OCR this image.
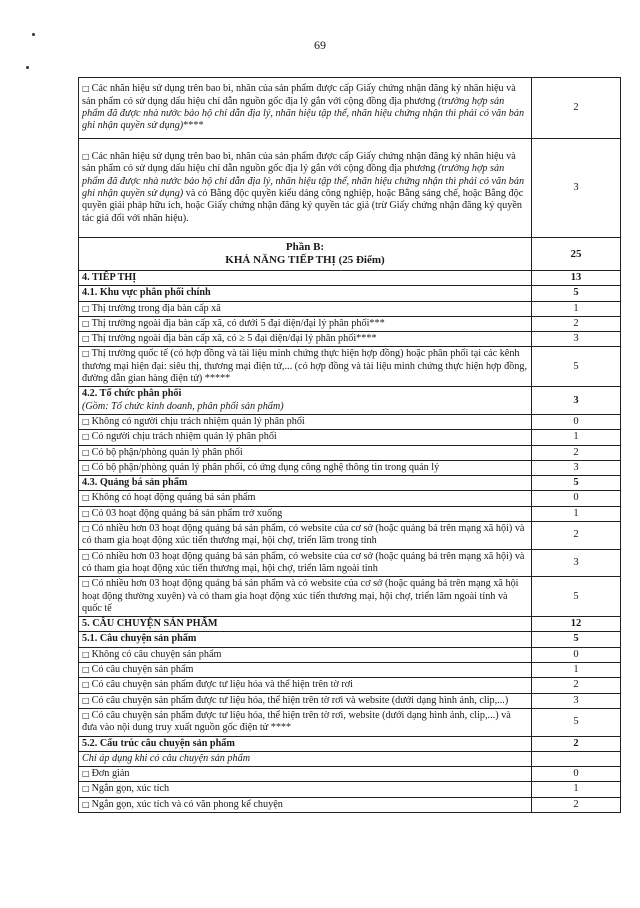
69
□ Các nhãn hiệu sử dụng trên bao bì, nhãn của sản phẩm được cấp Giấy chứng nhận đăng ký nhãn hiệu và sản phẩm có sử dụng dấu hiệu chỉ dẫn nguồn gốc địa lý gắn với cộng đồng địa phương (trường hợp sản phẩm đã được nhà nước bảo hộ chỉ dẫn địa lý, nhãn hiệu tập thể, nhãn hiệu chứng nhận thì phải có văn bản ghi nhận quyền sử dụng)****	2
□ Các nhãn hiệu sử dụng trên bao bì, nhãn của sản phẩm được cấp Giấy chứng nhận đăng ký nhãn hiệu và sản phẩm có sử dụng dấu hiệu chỉ dẫn nguồn gốc địa lý gắn với cộng đồng địa phương (trường hợp sản phẩm đã được nhà nước bảo hộ chỉ dẫn địa lý, nhãn hiệu tập thể, nhãn hiệu chứng nhận thì phải có văn bản ghi nhận quyền sử dụng) và có Bằng độc quyền kiểu dáng công nghiệp, hoặc Bằng sáng chế, hoặc Bằng độc quyền giải pháp hữu ích, hoặc Giấy chứng nhận đăng ký quyền tác giả (trừ Giấy chứng nhận đăng ký quyền tác giả đối với nhãn hiệu).	3

Phần B:
KHẢ NĂNG TIẾP THỊ (25 Điểm)	25
4. TIẾP THỊ	13
4.1. Khu vực phân phối chính	5
□ Thị trường trong địa bàn cấp xã	1
□ Thị trường ngoài địa bàn cấp xã, có dưới 5 đại diện/đại lý phân phối***	2
□ Thị trường ngoài địa bàn cấp xã, có ≥ 5 đại diện/đại lý phân phối****	3
□ Thị trường quốc tế (có hợp đồng và tài liệu minh chứng thực hiện hợp đồng) hoặc phân phối tại các kênh thương mại hiện đại: siêu thị, thương mại điện tử,... (có hợp đồng và tài liệu minh chứng thực hiện hợp đồng, đường dẫn gian hàng điện tử) *****	5

4.2. Tổ chức phân phối
(Gồm: Tổ chức kinh doanh, phân phối sản phẩm)	3
□ Không có người chịu trách nhiệm quản lý phân phối	0
□ Có người chịu trách nhiệm quản lý phân phối	1
□ Có bộ phận/phòng quản lý phân phối	2
□ Có bộ phận/phòng quản lý phân phối, có ứng dụng công nghệ thông tin trong quản lý	3
4.3. Quảng bá sản phẩm	5
□ Không có hoạt động quảng bá sản phẩm	0
□ Có 03 hoạt động quảng bá sản phẩm trở xuống	1
□ Có nhiều hơn 03 hoạt động quảng bá sản phẩm, có website của cơ sở (hoặc quảng bá trên mạng xã hội) và có tham gia hoạt động xúc tiến thương mại, hội chợ, triển lãm trong tỉnh	2
□ Có nhiều hơn 03 hoạt động quảng bá sản phẩm, có website của cơ sở (hoặc quảng bá trên mạng xã hội) và có tham gia hoạt động xúc tiến thương mại, hội chợ, triển lãm ngoài tỉnh	3
□ Có nhiều hơn 03 hoạt động quảng bá sản phẩm và có website của cơ sở (hoặc quảng bá trên mạng xã hội hoạt động thường xuyên) và có tham gia hoạt động xúc tiến thương mại, hội chợ, triển lãm ngoài tỉnh và quốc tế	5
5. CÂU CHUYỆN SẢN PHẨM	12
5.1. Câu chuyện sản phẩm	5
□ Không có câu chuyện sản phẩm	0
□ Có câu chuyện sản phẩm	1
□ Có câu chuyện sản phẩm được tư liệu hóa và thể hiện trên tờ rơi	2
□ Có câu chuyện sản phẩm được tư liệu hóa, thể hiện trên tờ rơi và website (dưới dạng hình ảnh, clip,...)	3
□ Có câu chuyện sản phẩm được tư liệu hóa, thể hiện trên tờ rơi, website (dưới dạng hình ảnh, clip,...) và đưa vào nội dung truy xuất nguồn gốc điện tử ****	5
5.2. Cấu trúc câu chuyện sản phẩm	2
Chỉ áp dụng khi có câu chuyện sản phẩm	
□ Đơn giản	0
□ Ngắn gọn, xúc tích	1
□ Ngắn gọn, xúc tích và có văn phong kể chuyện	2
